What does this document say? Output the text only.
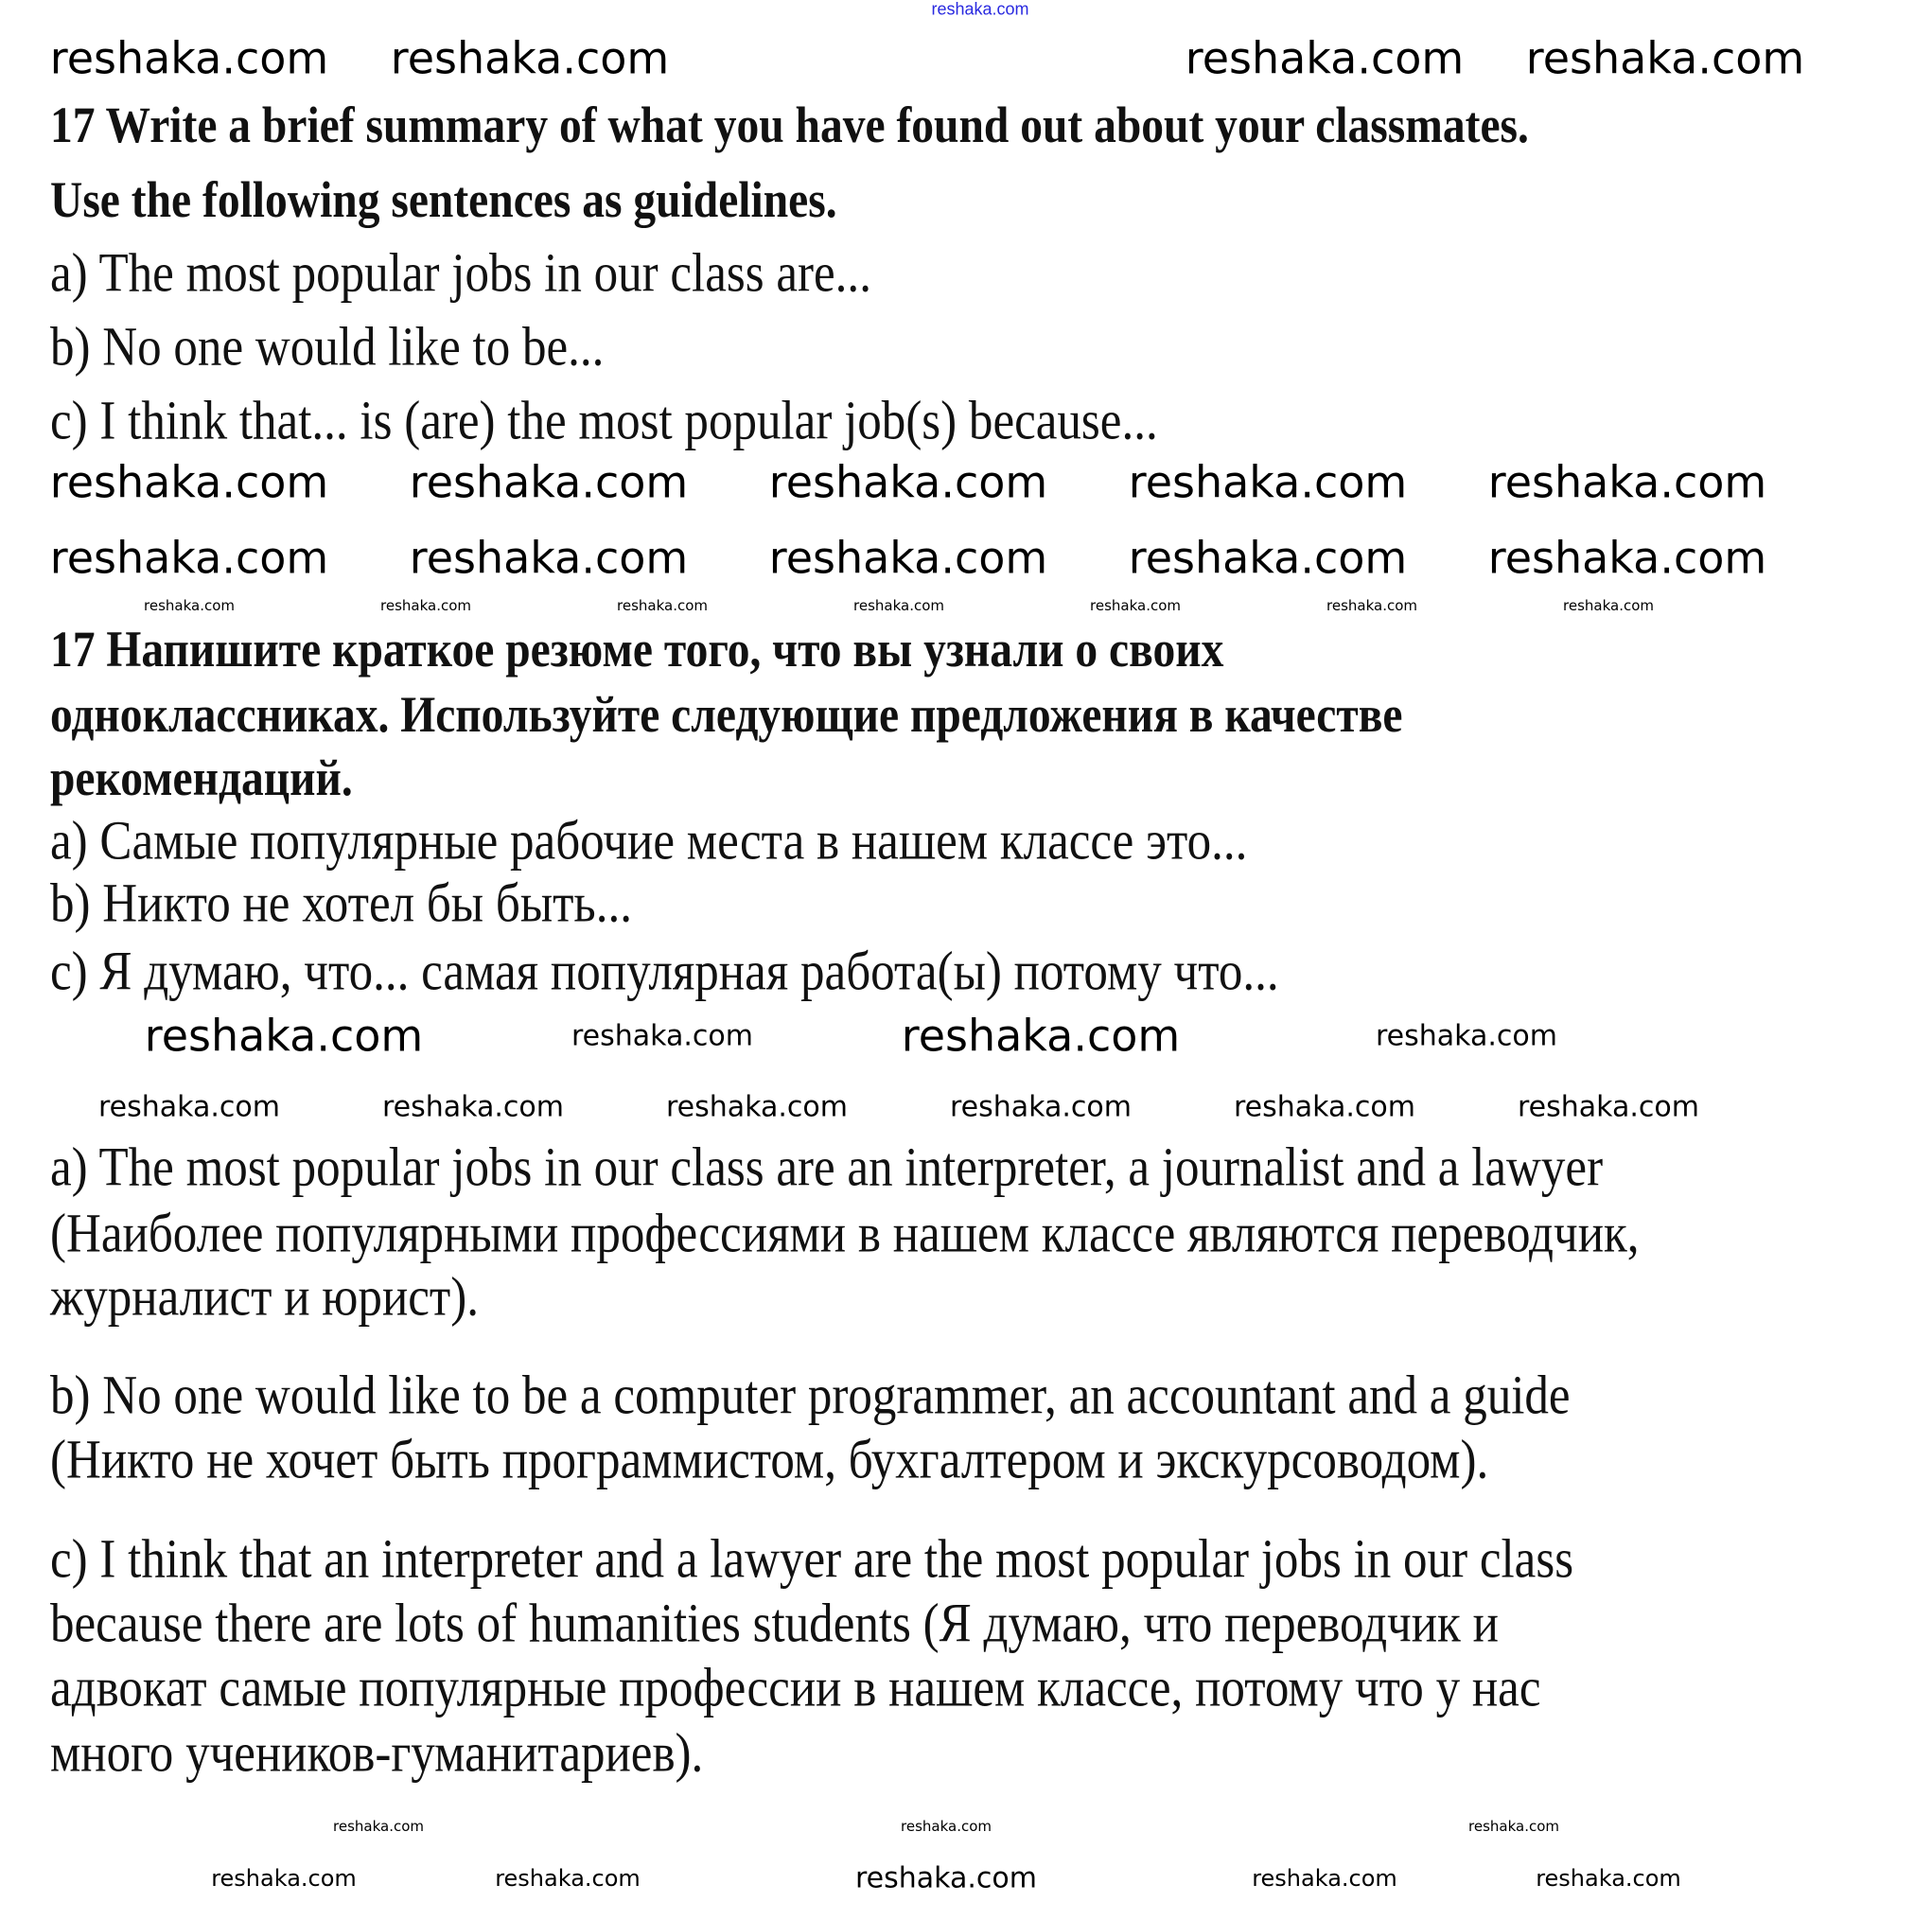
reshaka.com
17 Write a brief summary of what you have found out about your classmates.
Use the following sentences as guidelines.
a) The most popular jobs in our class are...
b) No one would like to be...
c) I think that... is (are) the most popular job(s) because...
17 Напишите краткое резюме того, что вы узнали о своих
одноклассниках. Используйте следующие предложения в качестве
рекомендаций.
a) Самые популярные рабочие места в нашем классе это...
b) Никто не хотел бы быть...
c) Я думаю, что... самая популярная работа(ы) потому что...
a) The most popular jobs in our class are an interpreter, a journalist and a lawyer
(Наиболее популярными профессиями в нашем классе являются переводчик,
журналист и юрист).
b) No one would like to be a computer programmer, an accountant and a guide
(Никто не хочет быть программистом, бухгалтером и экскурсоводом).
c) I think that an interpreter and a lawyer are the most popular jobs in our class
because there are lots of humanities students (Я думаю, что переводчик и
адвокат самые популярные профессии в нашем классе, потому что у нас
много учеников-гуманитариев).
reshaka.com reshaka.com	reshaka.com reshaka.com
reshaka.com reshaka.com reshaka.com reshaka.com reshaka.com
reshaka.com reshaka.com reshaka.com reshaka.com reshaka.com
reshaka.com	reshaka.com
reshaka.com	reshaka.com
reshaka.com	reshaka.com	reshaka.com	reshaka.com	reshaka.com	reshaka.com
reshaka.com
reshaka.com	reshaka.com	reshaka.com	reshaka.com
reshaka.com	reshaka.com	reshaka.com	reshaka.com	reshaka.com	reshaka.com	reshaka.com
reshaka.com	reshaka.com	reshaka.com
